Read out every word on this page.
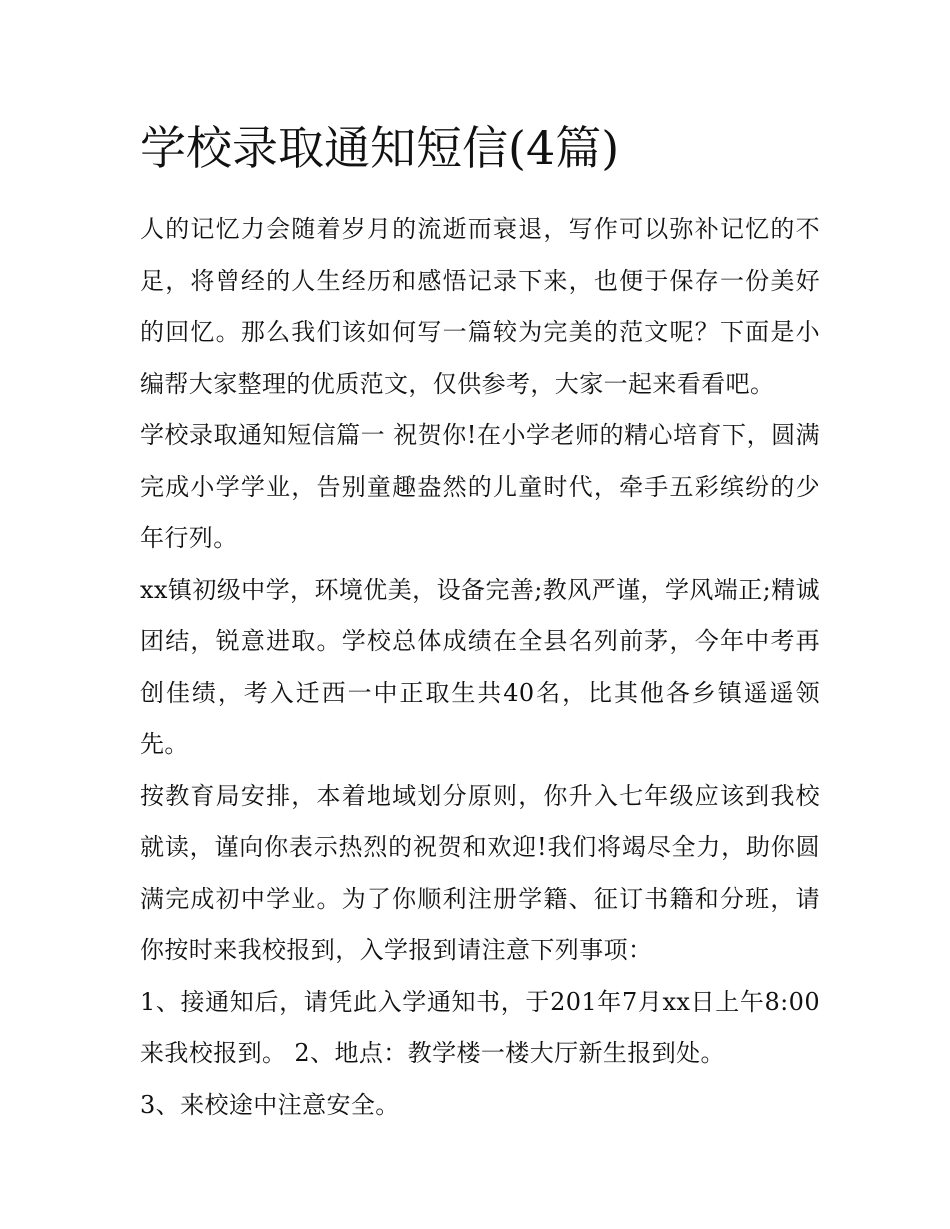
学校录取通知短信(4篇)

人的记忆力会随着岁月的流逝而衰退，写作可以弥补记忆的不足，将曾经的人生经历和感悟记录下来，也便于保存一份美好的回忆。那么我们该如何写一篇较为完美的范文呢？下面是小编帮大家整理的优质范文，仅供参考，大家一起来看看吧。

学校录取通知短信篇一 祝贺你!在小学老师的精心培育下，圆满完成小学学业，告别童趣盎然的儿童时代，牵手五彩缤纷的少年行列。

xx镇初级中学，环境优美，设备完善;教风严谨，学风端正;精诚团结，锐意进取。学校总体成绩在全县名列前茅，今年中考再创佳绩，考入迁西一中正取生共40名，比其他各乡镇遥遥领先。

按教育局安排，本着地域划分原则，你升入七年级应该到我校就读，谨向你表示热烈的祝贺和欢迎!我们将竭尽全力，助你圆满完成初中学业。为了你顺利注册学籍、征订书籍和分班，请你按时来我校报到，入学报到请注意下列事项：

1、接通知后，请凭此入学通知书，于201年7月xx日上午8:00来我校报到。 2、地点：教学楼一楼大厅新生报到处。

3、来校途中注意安全。
